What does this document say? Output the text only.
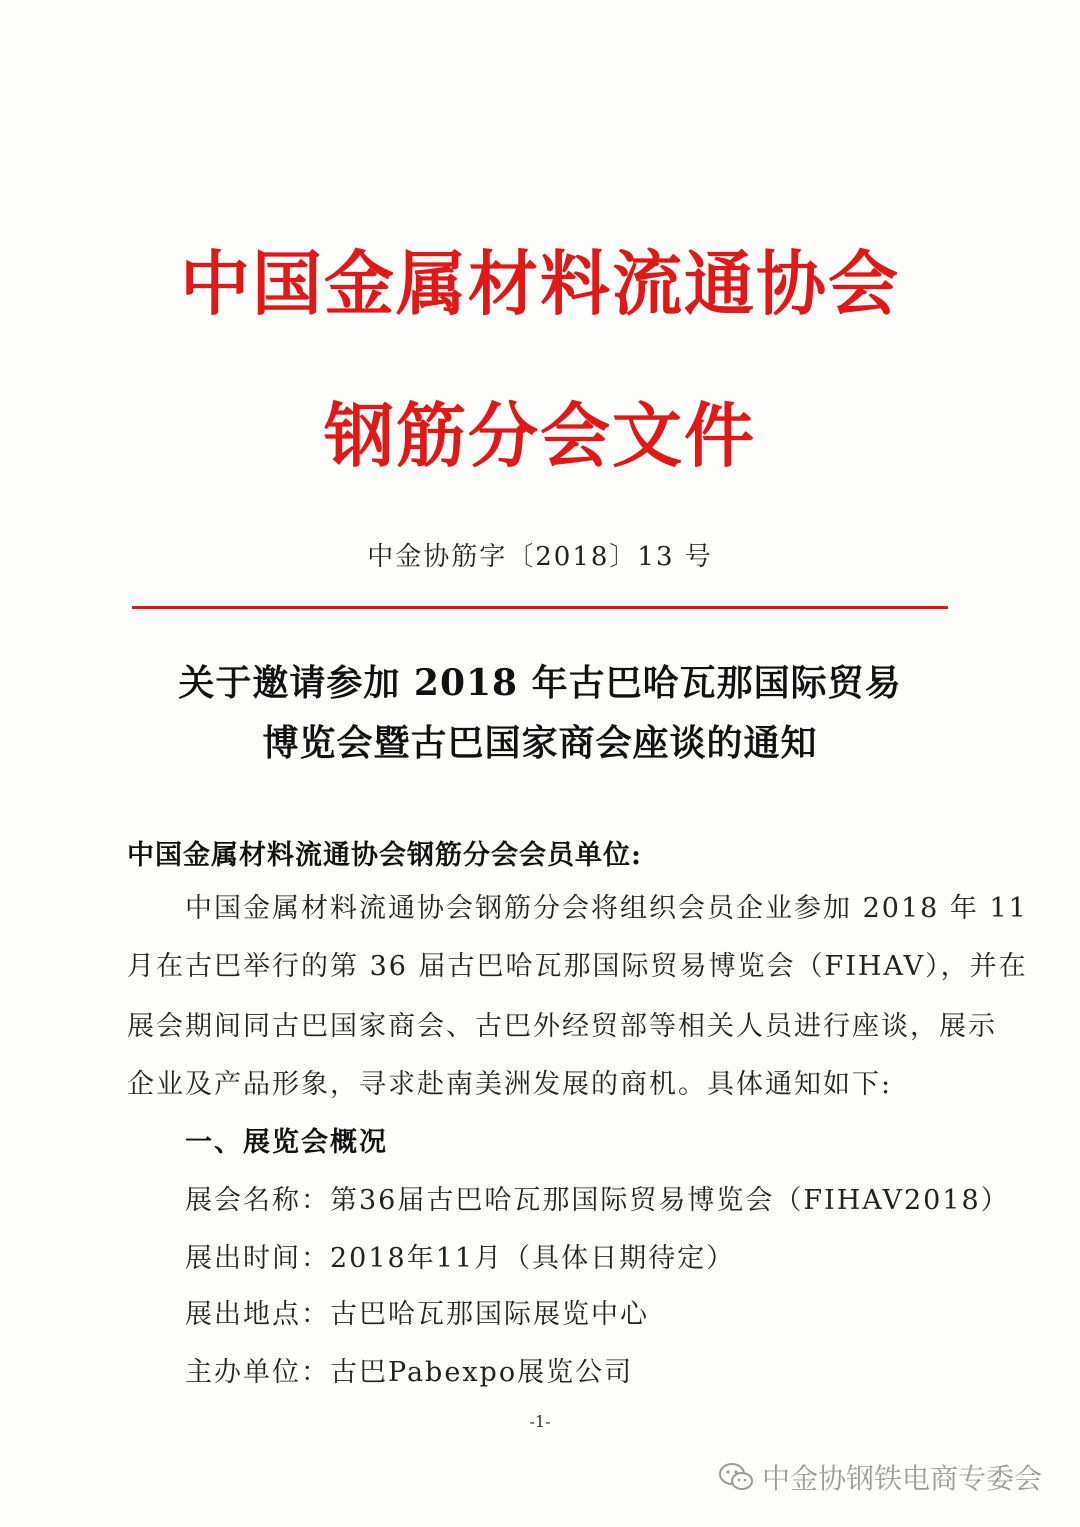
中国金属材料流通协会
钢筋分会文件
中金协筋字〔2018〕13 号
关于邀请参加 2018 年古巴哈瓦那国际贸易
博览会暨古巴国家商会座谈的通知
中国金属材料流通协会钢筋分会会员单位:
中国金属材料流通协会钢筋分会将组织会员企业参加 2018 年 11
月在古巴举行的第 36 届古巴哈瓦那国际贸易博览会（FIHAV），并在
展会期间同古巴国家商会、古巴外经贸部等相关人员进行座谈，展示
企业及产品形象，寻求赴南美洲发展的商机。具体通知如下:
一、展览会概况
展会名称：第36届古巴哈瓦那国际贸易博览会（FIHAV2018）
展出时间：2018年11月（具体日期待定）
展出地点：古巴哈瓦那国际展览中心
主办单位：古巴Pabexpo展览公司
-1-
中金协钢铁电商专委会
